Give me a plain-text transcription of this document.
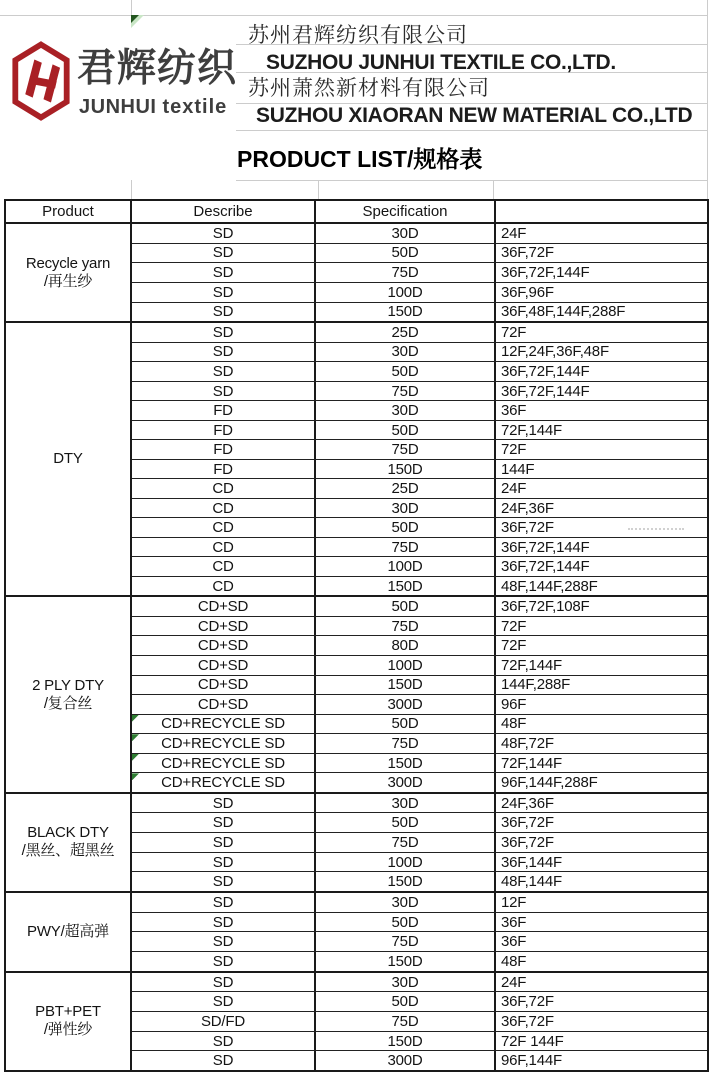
君辉纺织
JUNHUI textile
苏州君辉纺织有限公司
SUZHOU JUNHUI TEXTILE CO.,LTD.
苏州萧然新材料有限公司
SUZHOU XIAORAN NEW MATERIAL CO.,LTD
PRODUCT LIST/规格表
Product	Describe	Specification
Recycle yarn
/再生纱
SD	30D	24F
SD	50D	36F,72F
SD	75D	36F,72F,144F
SD	100D	36F,96F
SD	150D	36F,48F,144F,288F
DTY
SD	25D	72F
SD	30D	12F,24F,36F,48F
SD	50D	36F,72F,144F
SD	75D	36F,72F,144F
FD	30D	36F
FD	50D	72F,144F
FD	75D	72F
FD	150D	144F
CD	25D	24F
CD	30D	24F,36F
CD	50D	36F,72F
CD	75D	36F,72F,144F
CD	100D	36F,72F,144F
CD	150D	48F,144F,288F
2 PLY DTY
/复合丝
CD+SD	50D	36F,72F,108F
CD+SD	75D	72F
CD+SD	80D	72F
CD+SD	100D	72F,144F
CD+SD	150D	144F,288F
CD+SD	300D	96F
CD+RECYCLE SD	50D	48F
CD+RECYCLE SD	75D	48F,72F
CD+RECYCLE SD	150D	72F,144F
CD+RECYCLE SD	300D	96F,144F,288F
BLACK DTY
/黑丝、超黑丝
SD	30D	24F,36F
SD	50D	36F,72F
SD	75D	36F,72F
SD	100D	36F,144F
SD	150D	48F,144F
PWY/超高弹
SD	30D	12F
SD	50D	36F
SD	75D	36F
SD	150D	48F
PBT+PET
/弹性纱
SD	30D	24F
SD	50D	36F,72F
SD/FD	75D	36F,72F
SD	150D	72F 144F
SD	300D	96F,144F
